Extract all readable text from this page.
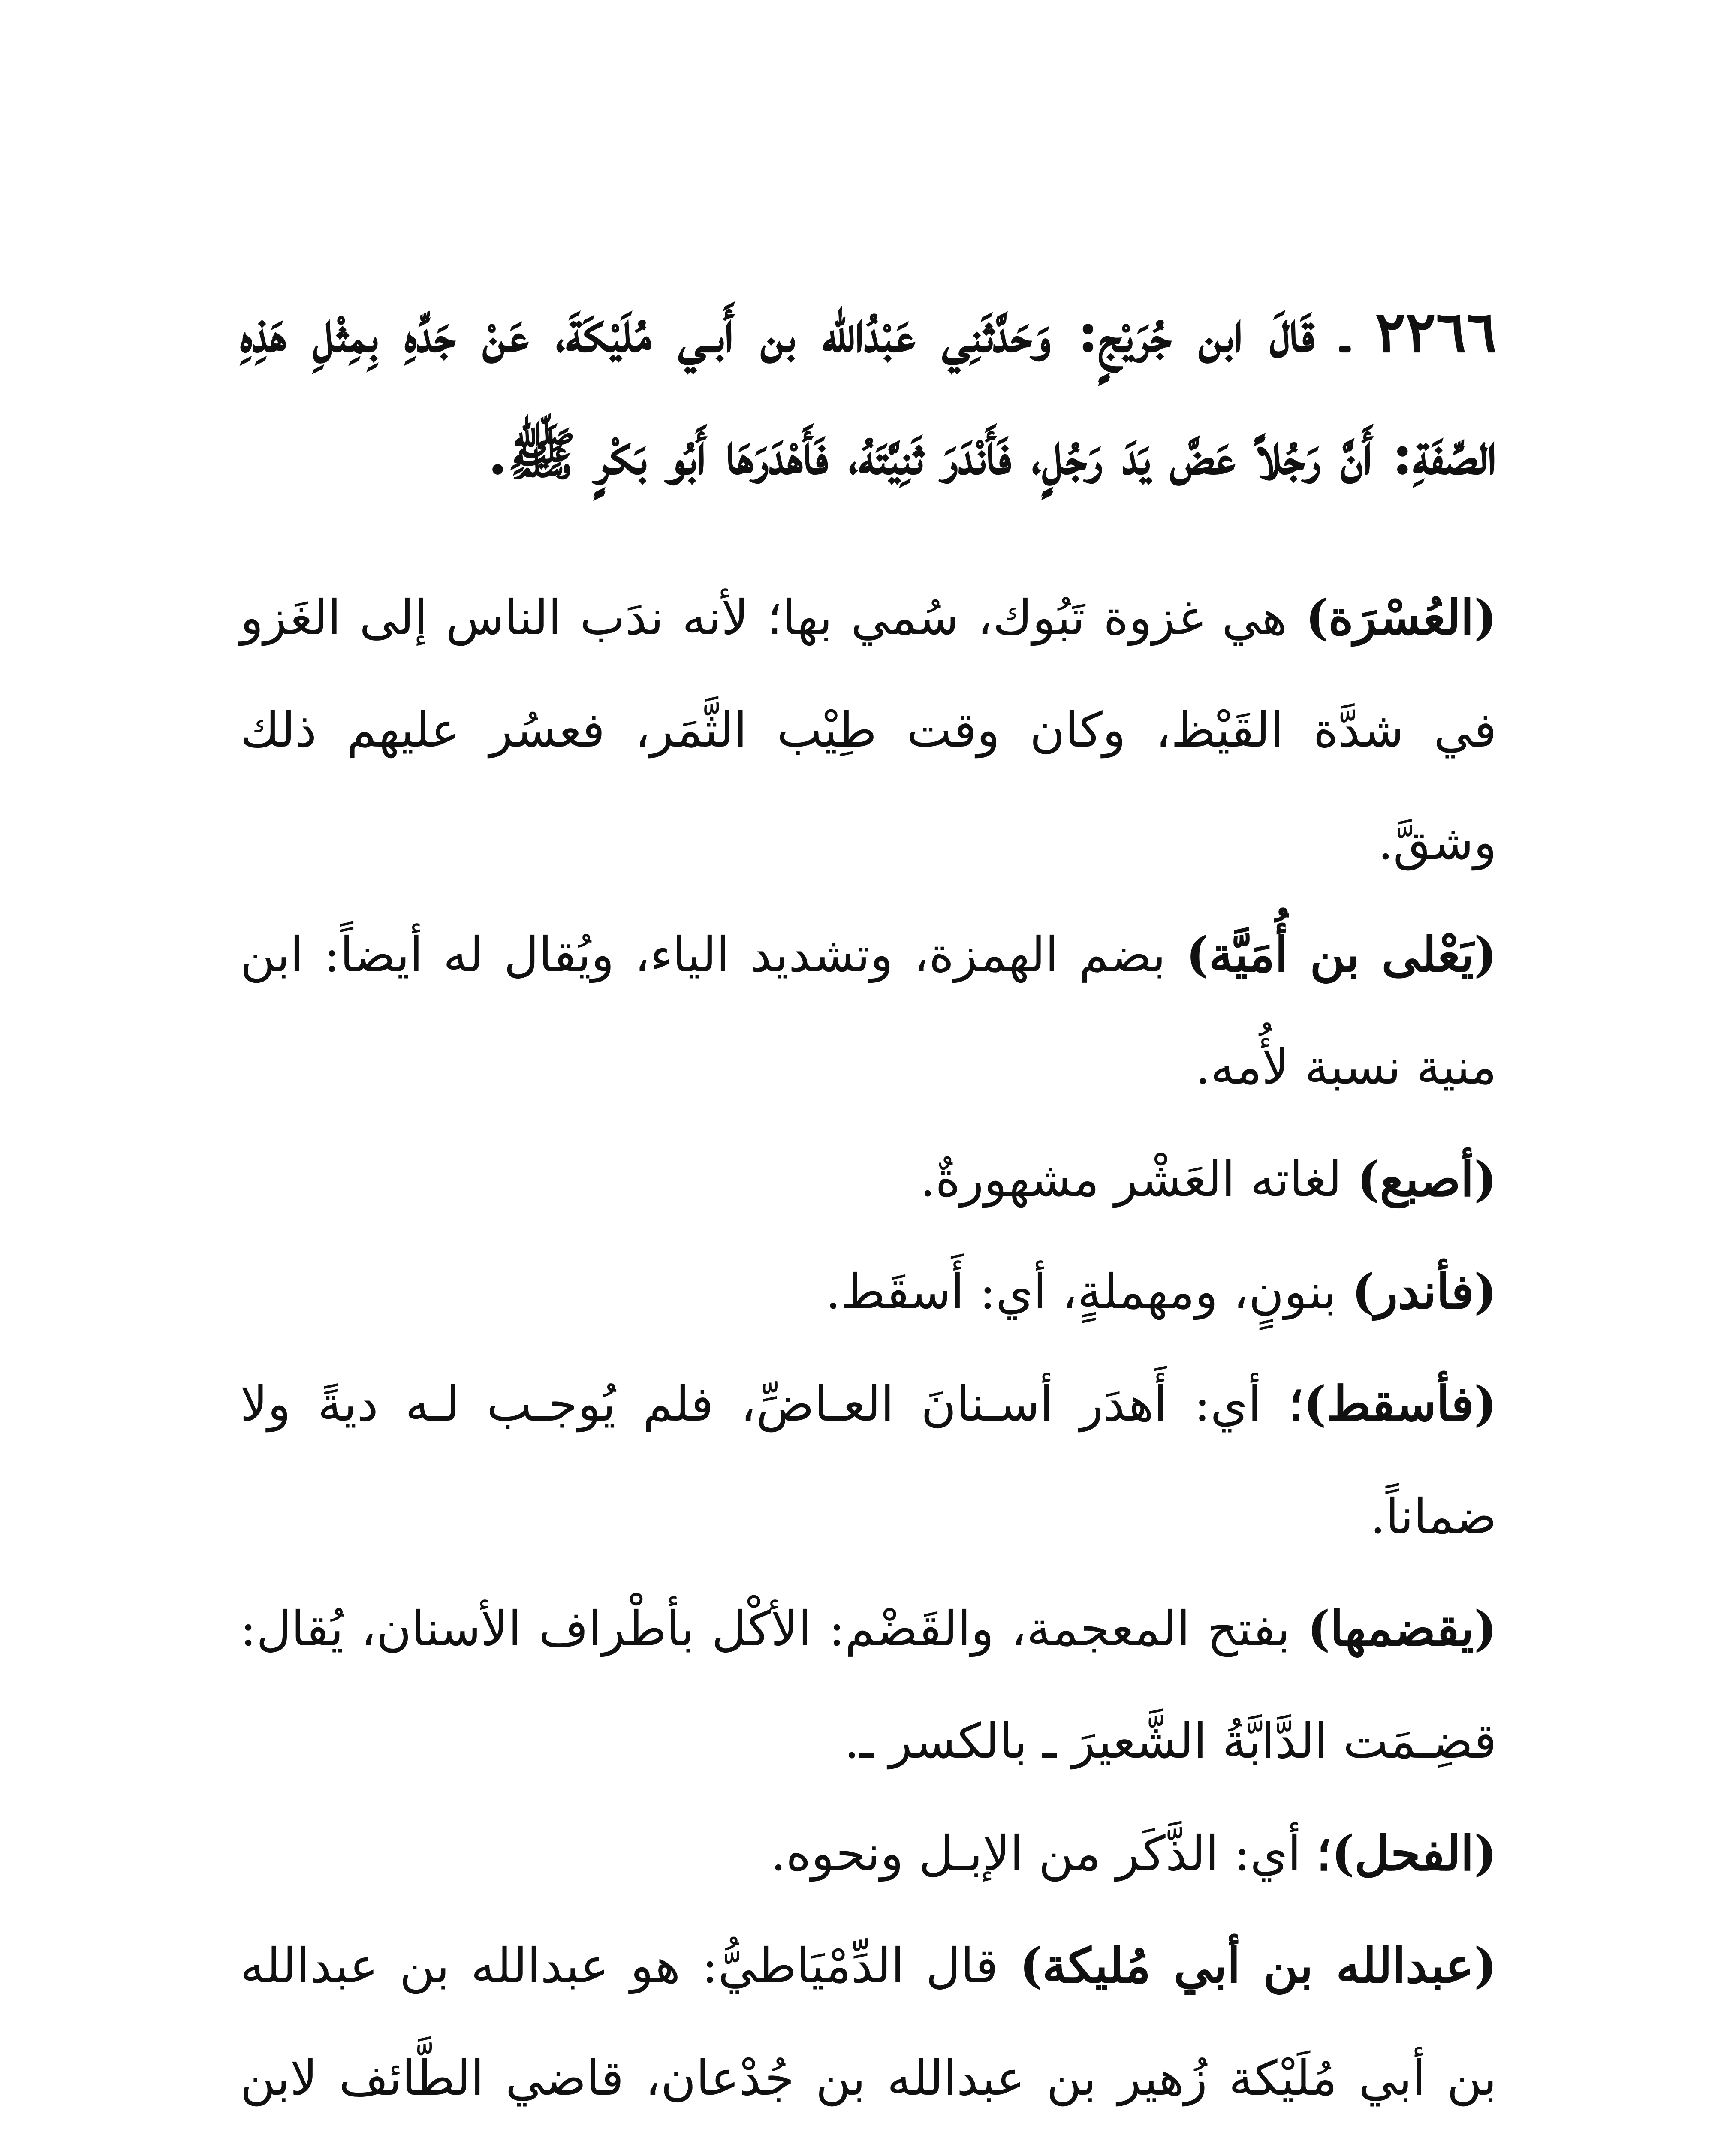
٢٢٦٦ ـ قَالَ ابن جُرَيْجٍ: وَحَدَّثَنِي عَبْدُالله بن أَبـي مُلَيْكَةَ، عَنْ جَدِّهِ بِمِثْلِ هَذِهِ الصِّفَةِ: أَنَّ رَجُلاً عَضَّ يَدَ رَجُلٍ، فَأَنْدَرَ ثَنِيَّتَهُ، فَأَهْدَرَهَا أَبُو بَكْرٍ ﷺ.

(العُسْرَة) هي غزوة تَبُوك، سُمي بها؛ لأنه ندَب الناس إلى الغَزو في شدَّة القَيْظ، وكان وقت طِيْب الثَّمَر، فعسُر عليهم ذلك وشقَّ.

(يَعْلى بن أُمَيَّة) بضم الهمزة، وتشديد الياء، ويُقال له أيضاً: ابن منية نسبة لأُمه.

(أصبع) لغاته العَشْر مشهورةٌ.

(فأندر) بنونٍ، ومهملةٍ، أي: أَسقَط.

(فأسقط)؛ أي: أَهدَر أسـنانَ العـاضِّ، فلم يُوجـب لـه ديةً ولا ضماناً.

(يقضمها) بفتح المعجمة، والقَضْم: الأكْل بأطْراف الأسنان، يُقال: قضِـمَت الدَّابَّةُ الشَّعيرَ ـ بالكسر ـ.

(الفحل)؛ أي: الذَّكَر من الإبـل ونحوه.

(عبدالله بن أبي مُليكة) قال الدِّمْيَاطيُّ: هو عبدالله بن عبدالله بن أبي مُلَيْكة زُهير بن عبدالله بن جُدْعان، قاضي الطَّائف لابن
